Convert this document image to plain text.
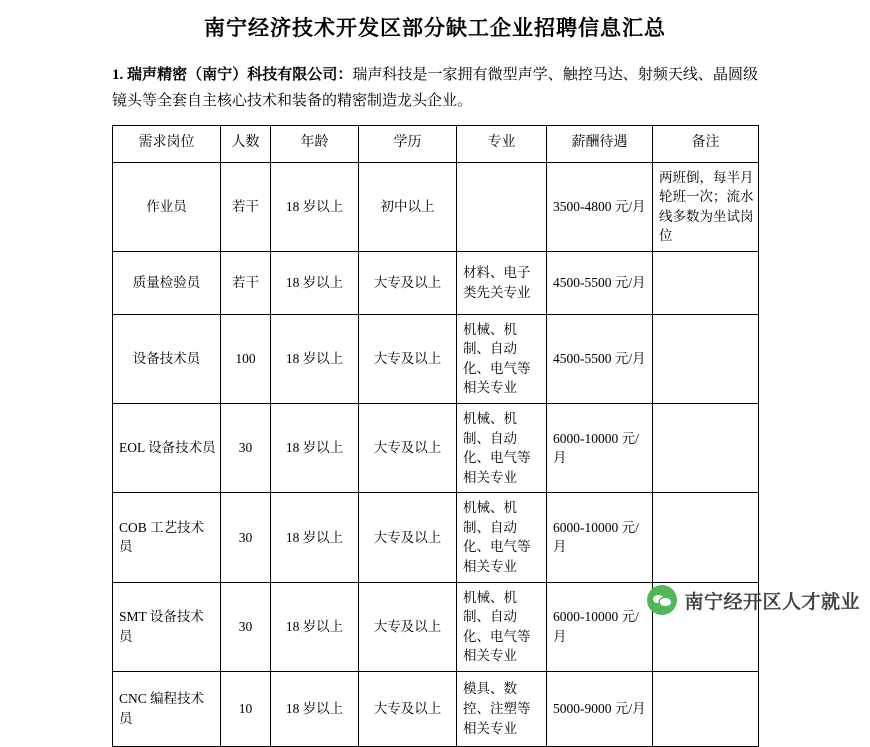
南宁经济技术开发区部分缺工企业招聘信息汇总
1. 瑞声精密（南宁）科技有限公司：瑞声科技是一家拥有微型声学、触控马达、射频天线、晶圆级镜头等全套自主核心技术和装备的精密制造龙头企业。
需求岗位	人数	年龄	学历	专业	薪酬待遇	备注
作业员	若干	18 岁以上	初中以上		3500-4800 元/月	两班倒，每半月轮班一次；流水线多数为坐试岗位
质量检验员	若干	18 岁以上	大专及以上	材料、电子类先关专业	4500-5500 元/月	
设备技术员	100	18 岁以上	大专及以上	机械、机制、自动化、电气等相关专业	4500-5500 元/月	
EOL 设备技术员	30	18 岁以上	大专及以上	机械、机制、自动化、电气等相关专业	6000-10000 元/月	
COB 工艺技术员	30	18 岁以上	大专及以上	机械、机制、自动化、电气等相关专业	6000-10000 元/月	
SMT 设备技术员	30	18 岁以上	大专及以上	机械、机制、自动化、电气等相关专业	6000-10000 元/月	
CNC 编程技术员	10	18 岁以上	大专及以上	模具、数控、注塑等相关专业	5000-9000 元/月	
南宁经开区人才就业
